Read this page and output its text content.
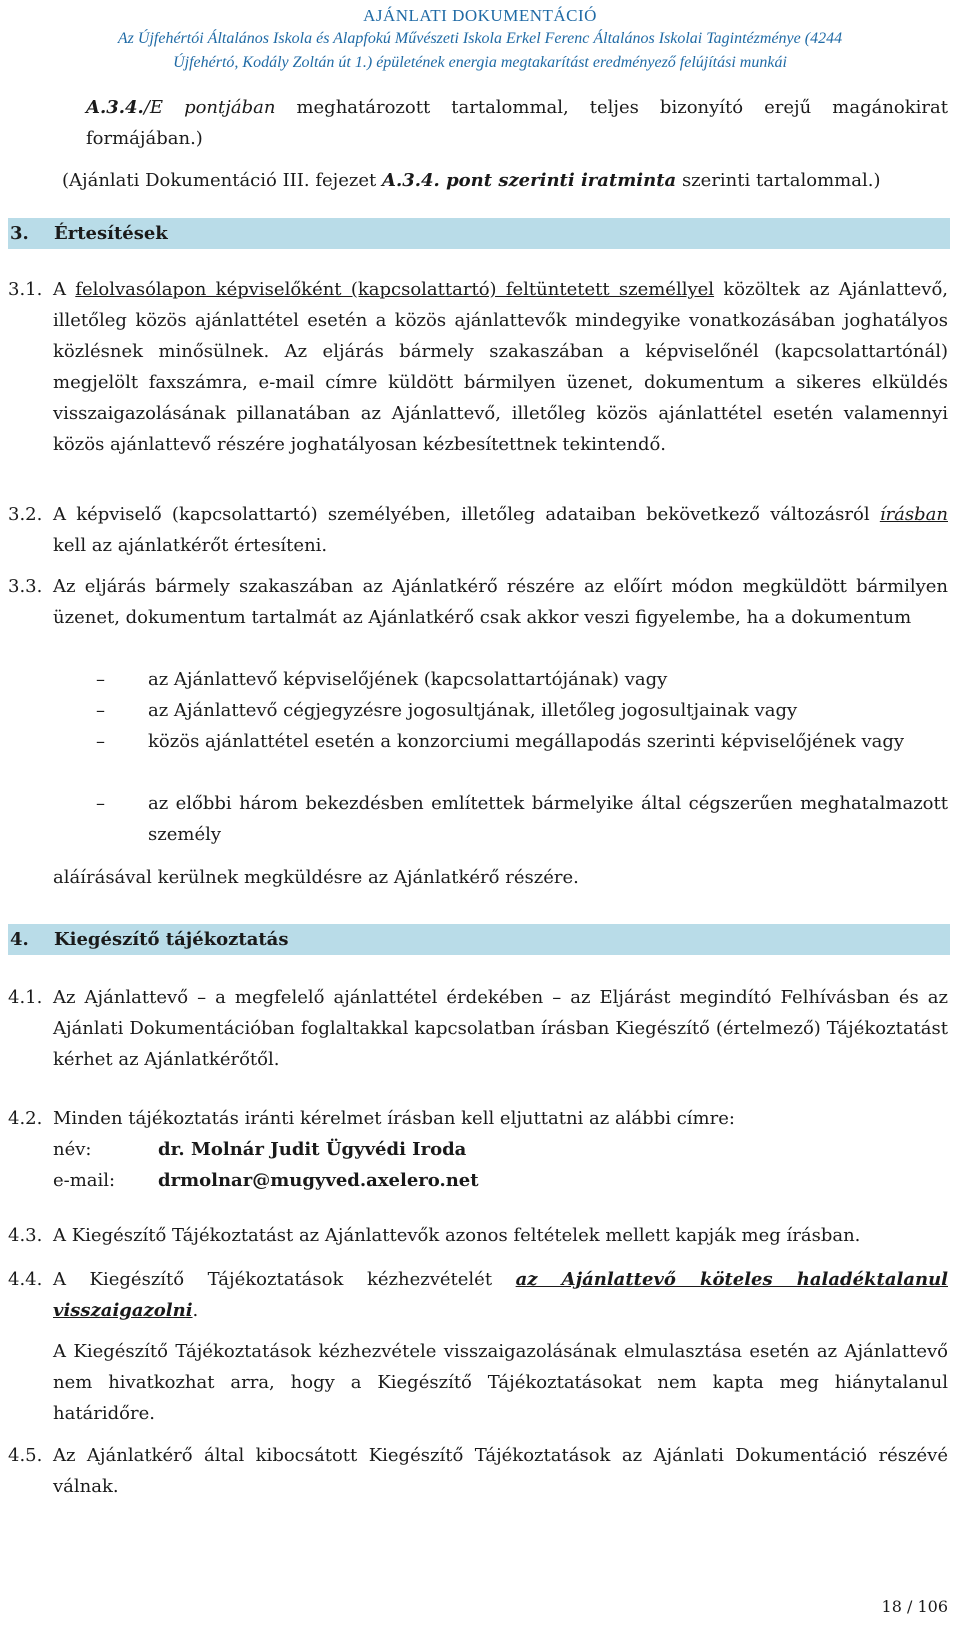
AJÁNLATI DOKUMENTÁCIÓ
Az Újfehértói Általános Iskola és Alapfokú Művészeti Iskola Erkel Ferenc Általános Iskolai Tagintézménye (4244
Újfehértó, Kodály Zoltán út 1.) épületének energia megtakarítást eredményező felújítási munkái
A.3.4./E pontjában meghatározott tartalommal, teljes bizonyító erejű magánokirat formájában.)
(Ajánlati Dokumentáció III. fejezet A.3.4. pont szerinti iratminta szerinti tartalommal.)
3. Értesítések
3.1. A felolvasólapon képviselőként (kapcsolattartó) feltüntetett személlyel közöltek az Ajánlattevő, illetőleg közös ajánlattétel esetén a közös ajánlattevők mindegyike vonatkozásában joghatályos közlésnek minősülnek. Az eljárás bármely szakaszában a képviselőnél (kapcsolattartónál) megjelölt faxszámra, e-mail címre küldött bármilyen üzenet, dokumentum a sikeres elküldés visszaigazolásának pillanatában az Ajánlattevő, illetőleg közös ajánlattétel esetén valamennyi közös ajánlattevő részére joghatályosan kézbesítettnek tekintendő.
3.2. A képviselő (kapcsolattartó) személyében, illetőleg adataiban bekövetkező változásról írásban kell az ajánlatkérőt értesíteni.
3.3. Az eljárás bármely szakaszában az Ajánlatkérő részére az előírt módon megküldött bármilyen üzenet, dokumentum tartalmát az Ajánlatkérő csak akkor veszi figyelembe, ha a dokumentum
– az Ajánlattevő képviselőjének (kapcsolattartójának) vagy
– az Ajánlattevő cégjegyzésre jogosultjának, illetőleg jogosultjainak vagy
– közös ajánlattétel esetén a konzorciumi megállapodás szerinti képviselőjének vagy
– az előbbi három bekezdésben említettek bármelyike által cégszerűen meghatalmazott személy
aláírásával kerülnek megküldésre az Ajánlatkérő részére.
4. Kiegészítő tájékoztatás
4.1. Az Ajánlattevő – a megfelelő ajánlattétel érdekében – az Eljárást megindító Felhívásban és az Ajánlati Dokumentációban foglaltakkal kapcsolatban írásban Kiegészítő (értelmező) Tájékoztatást kérhet az Ajánlatkérőtől.
4.2. Minden tájékoztatás iránti kérelmet írásban kell eljuttatni az alábbi címre:
név:	dr. Molnár Judit Ügyvédi Iroda
e-mail: drmolnar@mugyved.axelero.net
4.3. A Kiegészítő Tájékoztatást az Ajánlattevők azonos feltételek mellett kapják meg írásban.
4.4. A Kiegészítő Tájékoztatások kézhezvételét az Ajánlattevő köteles haladéktalanul visszaigazolni.
A Kiegészítő Tájékoztatások kézhezvétele visszaigazolásának elmulasztása esetén az Ajánlattevő nem hivatkozhat arra, hogy a Kiegészítő Tájékoztatásokat nem kapta meg hiánytalanul határidőre.
4.5. Az Ajánlatkérő által kibocsátott Kiegészítő Tájékoztatások az Ajánlati Dokumentáció részévé válnak.
18 / 106
